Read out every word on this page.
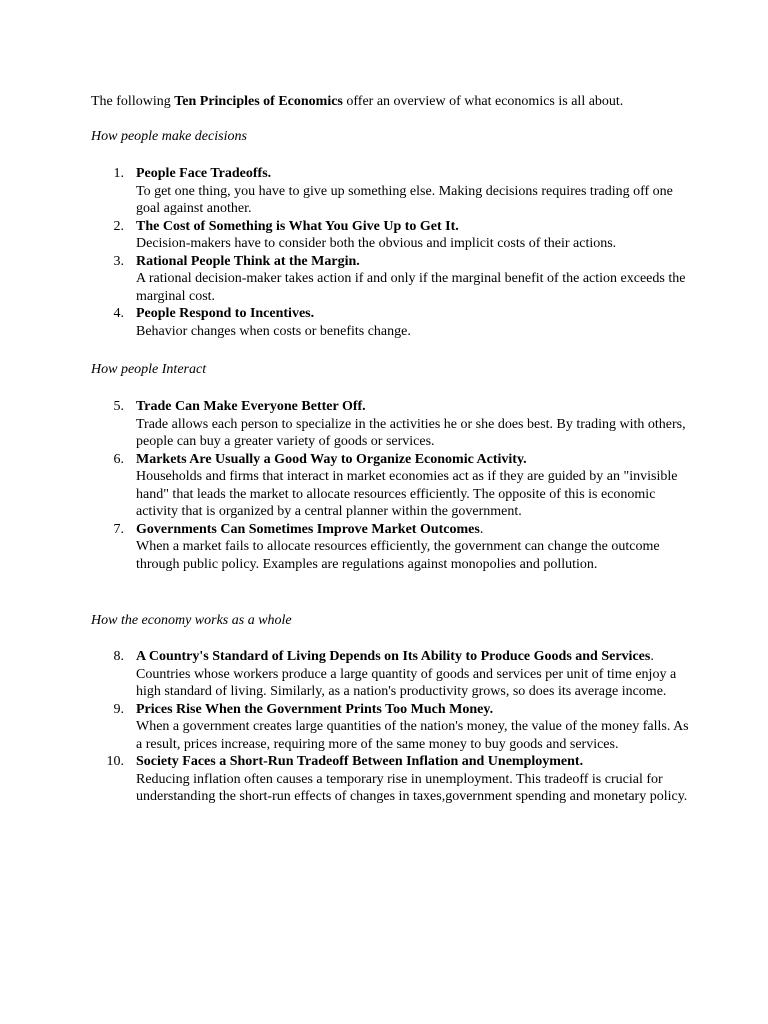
The following Ten Principles of Economics offer an overview of what economics is all about.

How people make decisions

1. People Face Tradeoffs.
To get one thing, you have to give up something else. Making decisions requires trading off one goal against another.
2. The Cost of Something is What You Give Up to Get It.
Decision-makers have to consider both the obvious and implicit costs of their actions.
3. Rational People Think at the Margin.
A rational decision-maker takes action if and only if the marginal benefit of the action exceeds the marginal cost.
4. People Respond to Incentives.
Behavior changes when costs or benefits change.

How people Interact

5. Trade Can Make Everyone Better Off.
Trade allows each person to specialize in the activities he or she does best. By trading with others, people can buy a greater variety of goods or services.
6. Markets Are Usually a Good Way to Organize Economic Activity.
Households and firms that interact in market economies act as if they are guided by an "invisible hand" that leads the market to allocate resources efficiently. The opposite of this is economic activity that is organized by a central planner within the government.
7. Governments Can Sometimes Improve Market Outcomes.
When a market fails to allocate resources efficiently, the government can change the outcome through public policy. Examples are regulations against monopolies and pollution.

How the economy works as a whole

8. A Country's Standard of Living Depends on Its Ability to Produce Goods and Services.
Countries whose workers produce a large quantity of goods and services per unit of time enjoy a high standard of living. Similarly, as a nation's productivity grows, so does its average income.
9. Prices Rise When the Government Prints Too Much Money.
When a government creates large quantities of the nation's money, the value of the money falls. As a result, prices increase, requiring more of the same money to buy goods and services.
10. Society Faces a Short-Run Tradeoff Between Inflation and Unemployment.
Reducing inflation often causes a temporary rise in unemployment. This tradeoff is crucial for understanding the short-run effects of changes in taxes,government spending and monetary policy.
